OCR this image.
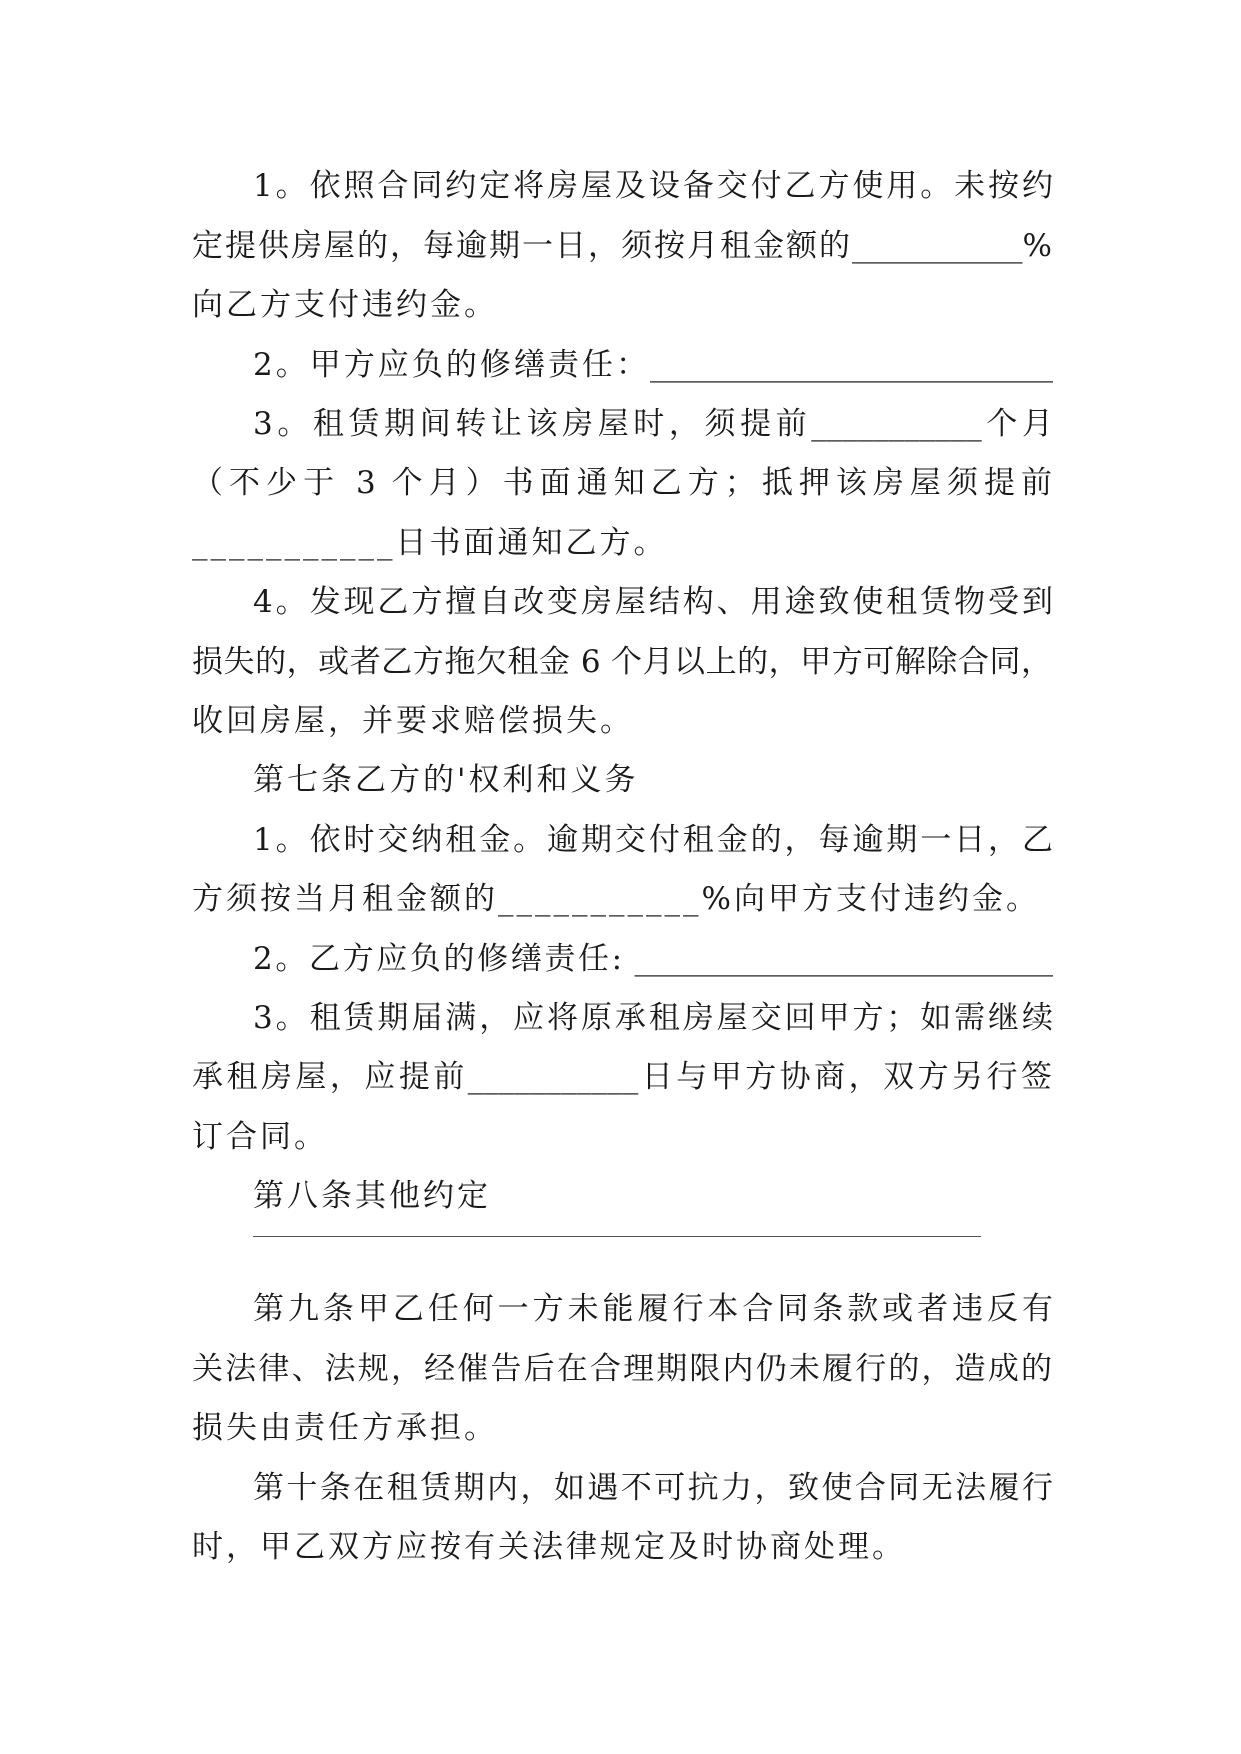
1。依照合同约定将房屋及设备交付乙方使用。未按约
定提供房屋的，每逾期一日，须按月租金额的___________%
向乙方支付违约金。
2。甲方应负的修缮责任：__________________________
3。租赁期间转让该房屋时，须提前___________个月
（不少于 3 个月）书面通知乙方；抵押该房屋须提前
___________日书面通知乙方。
4。发现乙方擅自改变房屋结构、用途致使租赁物受到
损失的，或者乙方拖欠租金 6 个月以上的，甲方可解除合同，
收回房屋，并要求赔偿损失。
第七条乙方的'权利和义务
1。依时交纳租金。逾期交付租金的，每逾期一日，乙
方须按当月租金额的___________%向甲方支付违约金。
2。乙方应负的修缮责任: ___________________________
3。租赁期届满，应将原承租房屋交回甲方；如需继续
承租房屋，应提前___________日与甲方协商，双方另行签
订合同。
第八条其他约定
第九条甲乙任何一方未能履行本合同条款或者违反有
关法律、法规，经催告后在合理期限内仍未履行的，造成的
损失由责任方承担。
第十条在租赁期内，如遇不可抗力，致使合同无法履行
时，甲乙双方应按有关法律规定及时协商处理。
